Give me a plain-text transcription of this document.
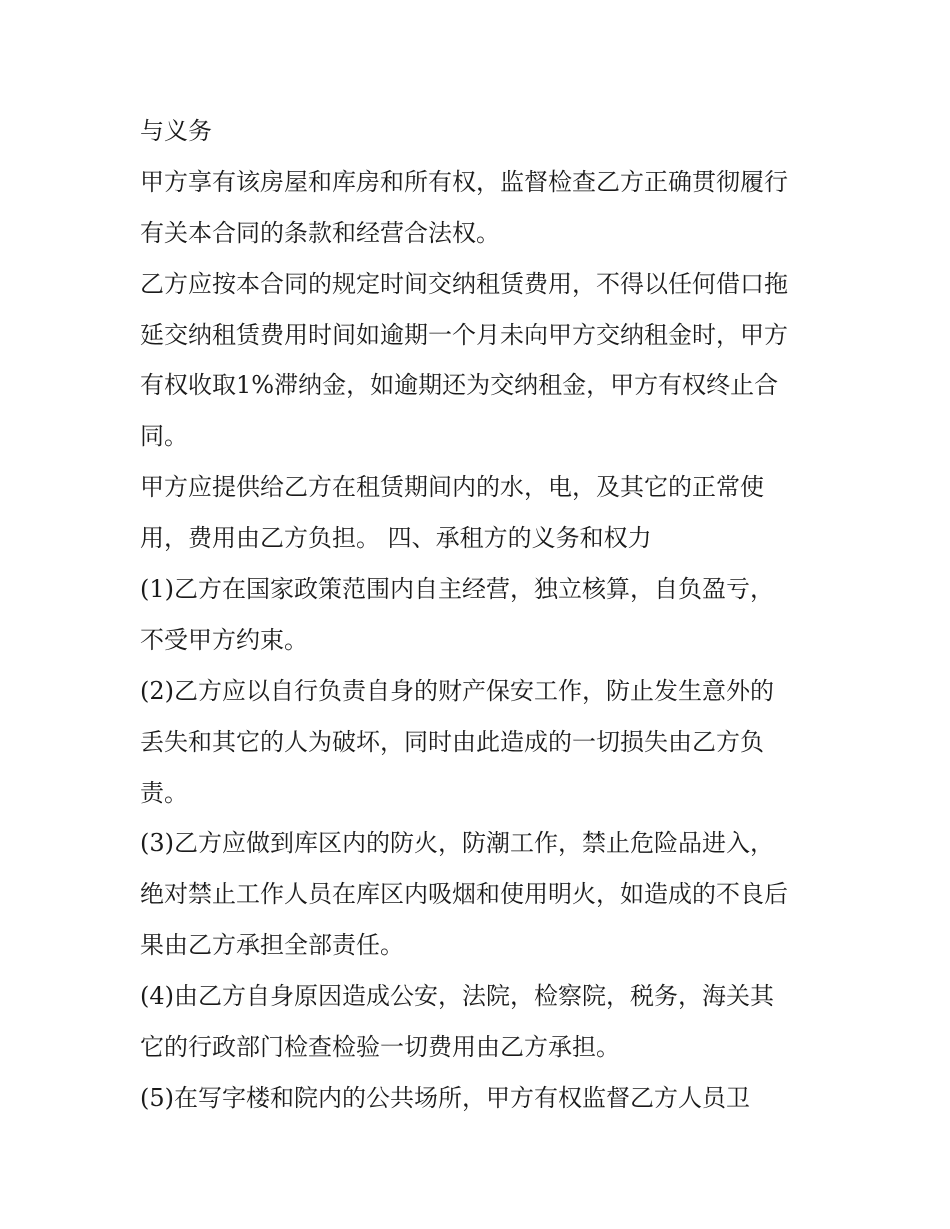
与义务
甲方享有该房屋和库房和所有权，监督检查乙方正确贯彻履行
有关本合同的条款和经营合法权。
乙方应按本合同的规定时间交纳租赁费用，不得以任何借口拖
延交纳租赁费用时间如逾期一个月未向甲方交纳租金时，甲方
有权收取1%滞纳金，如逾期还为交纳租金，甲方有权终止合
同。
甲方应提供给乙方在租赁期间内的水，电，及其它的正常使
用，费用由乙方负担。 四、承租方的义务和权力
(1)乙方在国家政策范围内自主经营，独立核算，自负盈亏，
不受甲方约束。
(2)乙方应以自行负责自身的财产保安工作，防止发生意外的
丢失和其它的人为破坏，同时由此造成的一切损失由乙方负
责。
(3)乙方应做到库区内的防火，防潮工作，禁止危险品进入，
绝对禁止工作人员在库区内吸烟和使用明火，如造成的不良后
果由乙方承担全部责任。
(4)由乙方自身原因造成公安，法院，检察院，税务，海关其
它的行政部门检查检验一切费用由乙方承担。
(5)在写字楼和院内的公共场所，甲方有权监督乙方人员卫
